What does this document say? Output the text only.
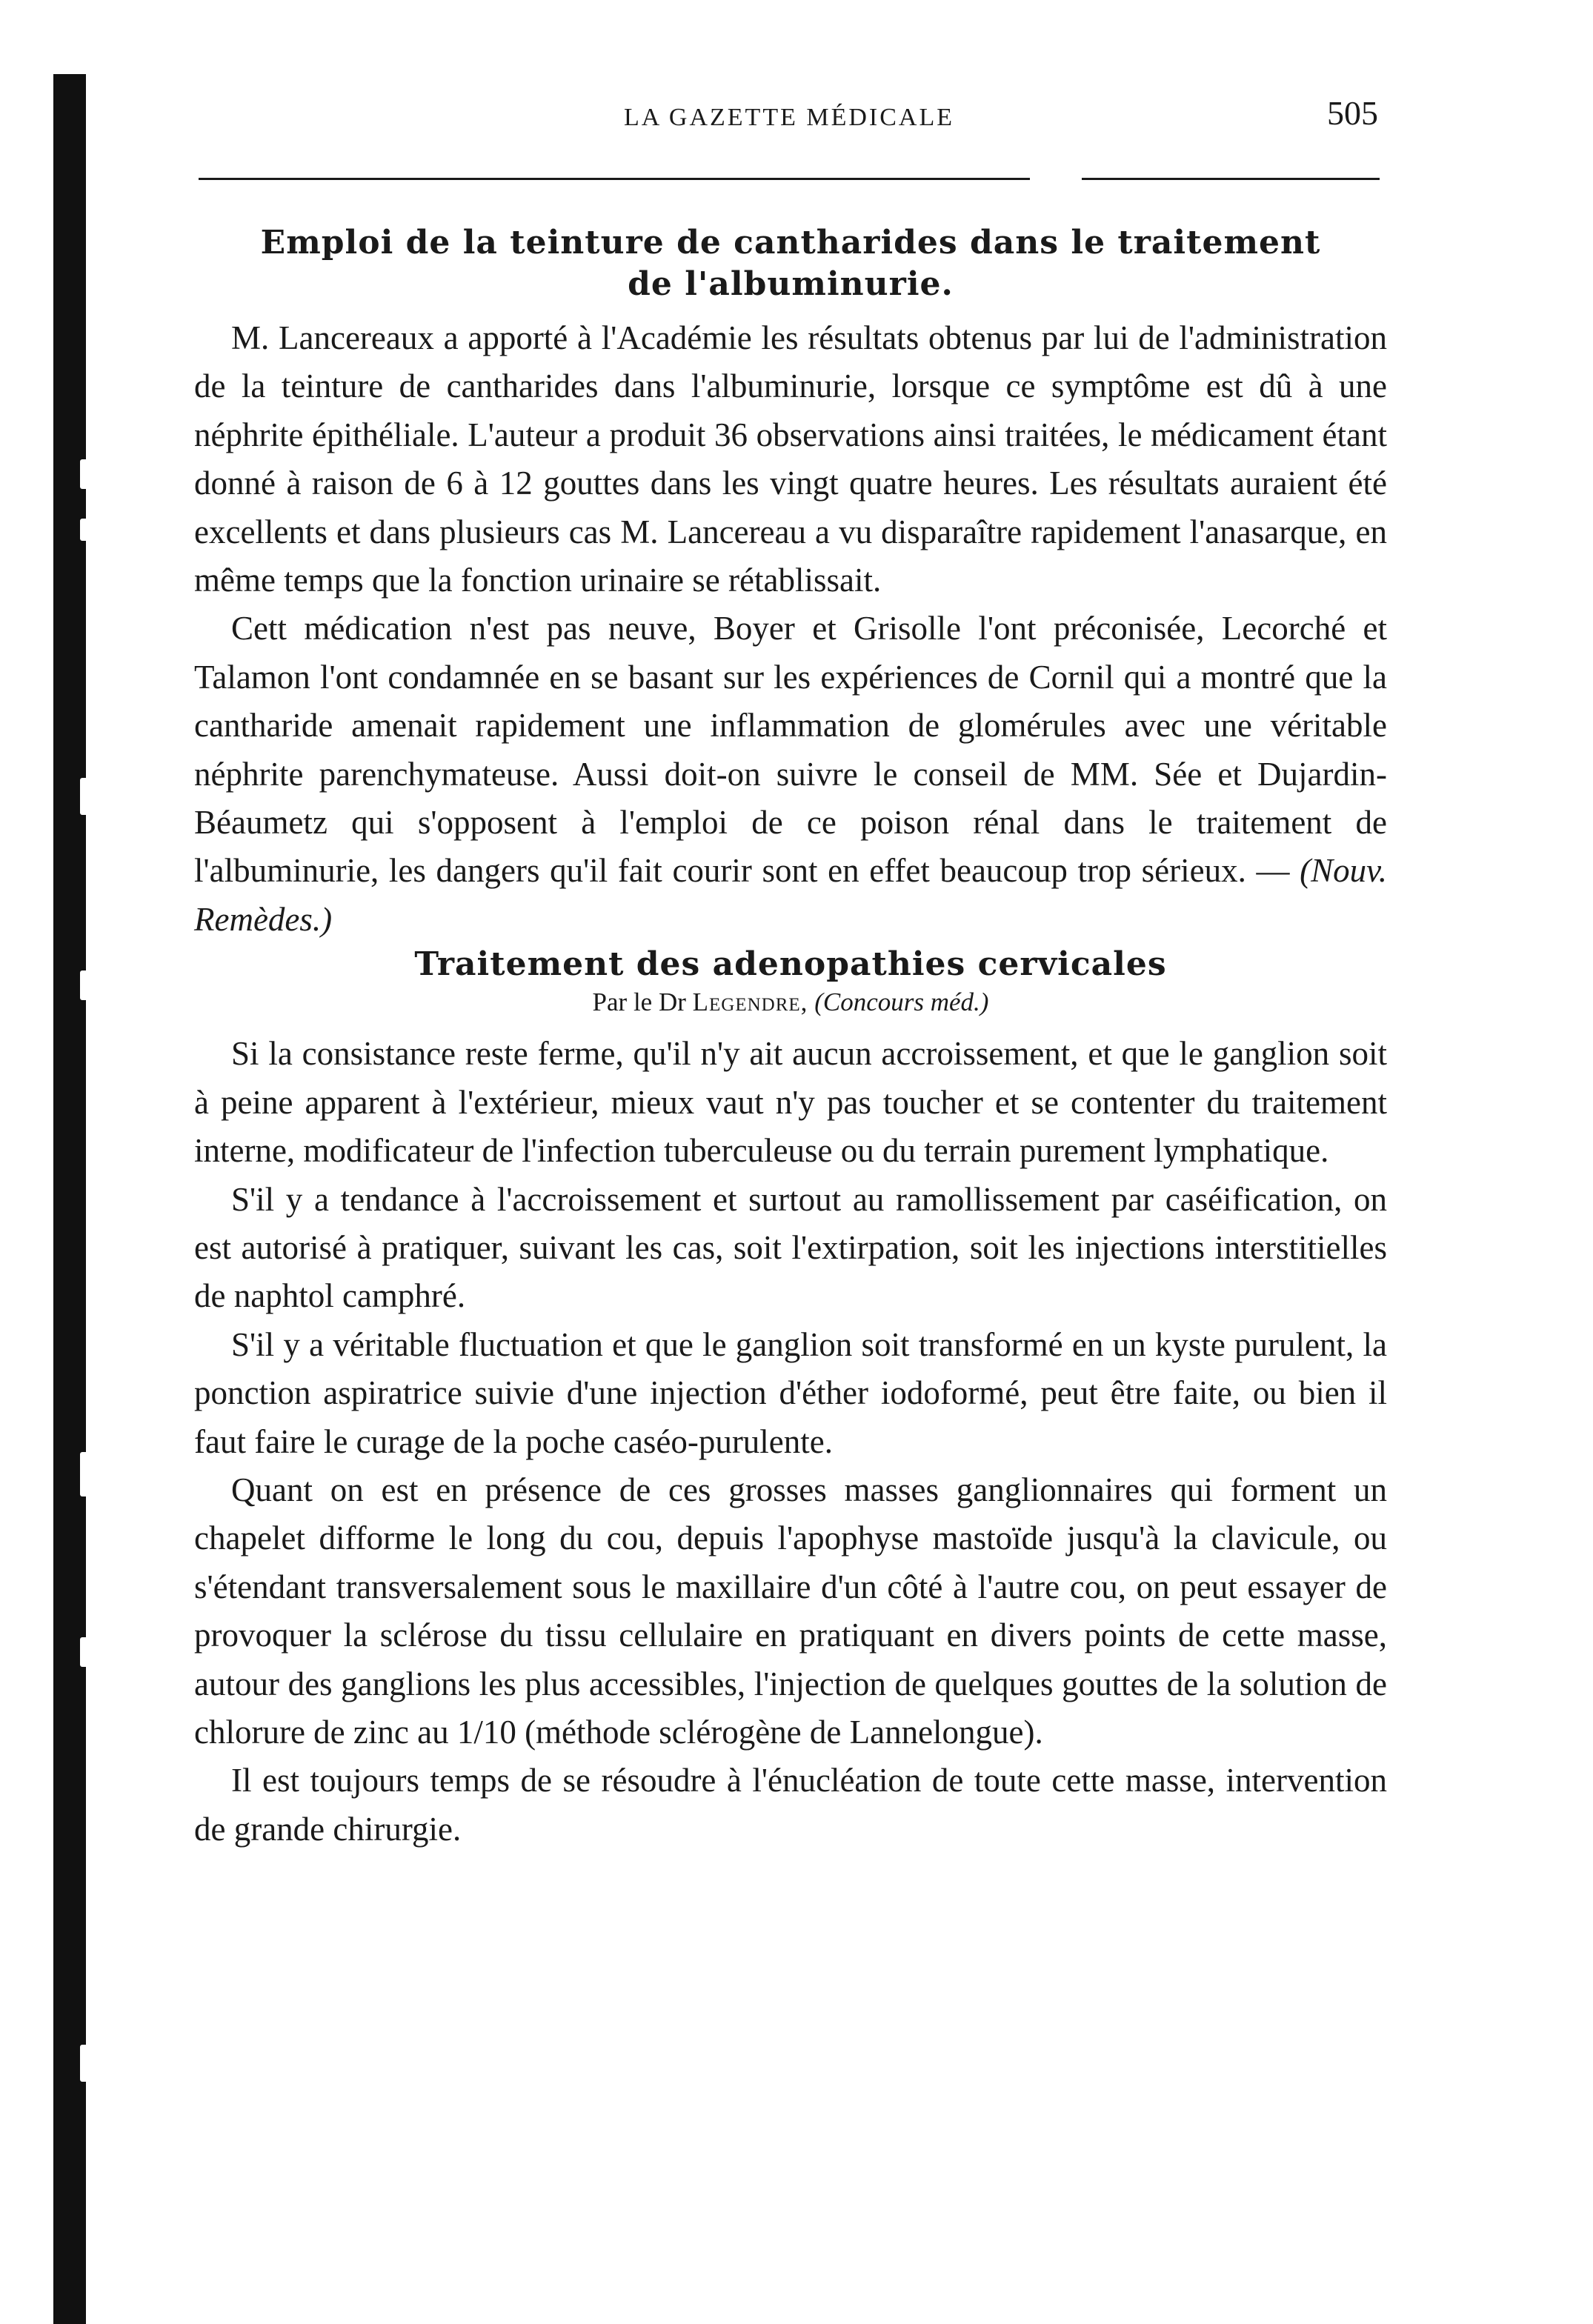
LA GAZETTE MÉDICALE	505
Emploi de la teinture de cantharides dans le traitement
de l'albuminurie.

M. Lancereaux a apporté à l'Académie les résultats obtenus par lui de l'administration de la teinture de cantharides dans l'albuminurie, lorsque ce symptôme est dû à une néphrite épithéliale. L'auteur a produit 36 observations ainsi traitées, le médicament étant donné à raison de 6 à 12 gouttes dans les vingt quatre heures. Les résultats auraient été excellents et dans plusieurs cas M. Lancereau a vu disparaître rapidement l'anasarque, en même temps que la fonction urinaire se rétablissait.

Cett médication n'est pas neuve, Boyer et Grisolle l'ont préconisée, Lecorché et Talamon l'ont condamnée en se basant sur les expériences de Cornil qui a montré que la cantharide amenait rapidement une inflammation de glomérules avec une véritable néphrite parenchymateuse. Aussi doit-on suivre le conseil de MM. Sée et Dujardin-Béaumetz qui s'opposent à l'emploi de ce poison rénal dans le traitement de l'albuminurie, les dangers qu'il fait courir sont en effet beaucoup trop sérieux. — (Nouv. Remèdes.)

Traitement des adenopathies cervicales
Par le Dr Legendre, (Concours méd.)

Si la consistance reste ferme, qu'il n'y ait aucun accroissement, et que le ganglion soit à peine apparent à l'extérieur, mieux vaut n'y pas toucher et se contenter du traitement interne, modificateur de l'infection tuberculeuse ou du terrain purement lymphatique.

S'il y a tendance à l'accroissement et surtout au ramollissement par caséification, on est autorisé à pratiquer, suivant les cas, soit l'extirpation, soit les injections interstitielles de naphtol camphré.

S'il y a véritable fluctuation et que le ganglion soit transformé en un kyste purulent, la ponction aspiratrice suivie d'une injection d'éther iodoformé, peut être faite, ou bien il faut faire le curage de la poche caséo-purulente.

Quant on est en présence de ces grosses masses ganglionnaires qui forment un chapelet difforme le long du cou, depuis l'apophyse mastoïde jusqu'à la clavicule, ou s'étendant transversalement sous le maxillaire d'un côté à l'autre cou, on peut essayer de provoquer la sclérose du tissu cellulaire en pratiquant en divers points de cette masse, autour des ganglions les plus accessibles, l'injection de quelques gouttes de la solution de chlorure de zinc au 1/10 (méthode sclérogène de Lannelongue).

Il est toujours temps de se résoudre à l'énucléation de toute cette masse, intervention de grande chirurgie.
